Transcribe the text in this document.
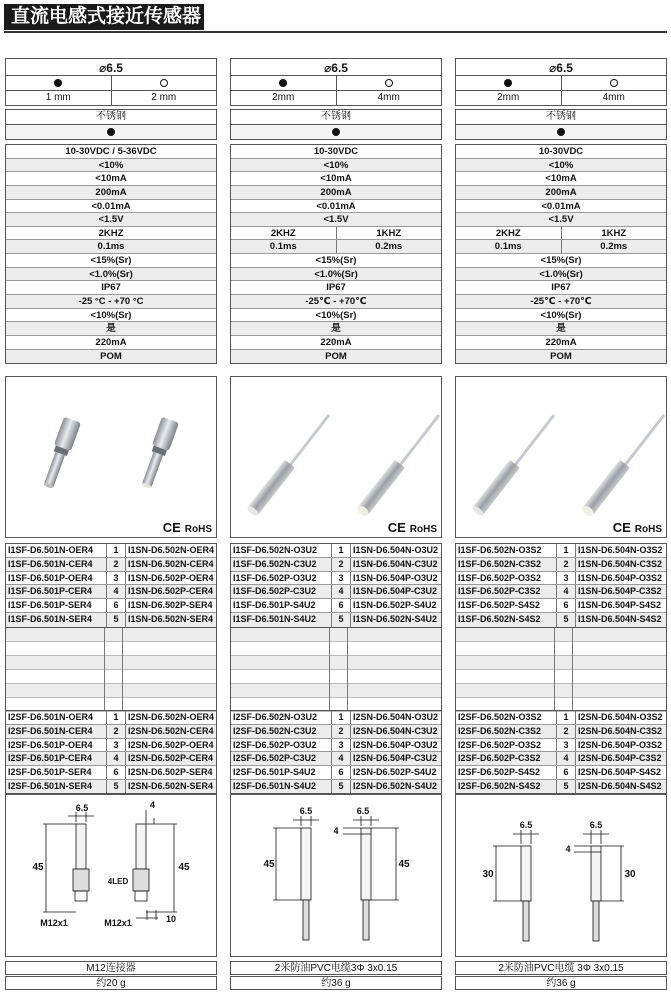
直流电感式接近传感器
⌀6.5
1 mm	2 mm
不锈钢
10-30VDC / 5-36VDC
<10%
<10mA
200mA
<0.01mA
<1.5V
2KHZ
0.1ms
<15%(Sr)
<1.0%(Sr)
IP67
-25 °C - +70 °C
<10%(Sr)
是
220mA
POM
CE RoHS
I1SF-D6.501N-OER4	1	I1SN-D6.502N-OER4
I1SF-D6.501N-CER4	2	I1SN-D6.502N-CER4
I1SF-D6.501P-OER4	3	I1SN-D6.502P-OER4
I1SF-D6.501P-CER4	4	I1SN-D6.502P-CER4
I1SF-D6.501P-SER4	6	I1SN-D6.502P-SER4
I1SF-D6.501N-SER4	5	I1SN-D6.502N-SER4
I2SF-D6.501N-OER4	1	I2SN-D6.502N-OER4
I2SF-D6.501N-CER4	2	I2SN-D6.502N-CER4
I2SF-D6.501P-OER4	3	I2SN-D6.502P-OER4
I2SF-D6.501P-CER4	4	I2SN-D6.502P-CER4
I2SF-D6.501P-SER4	6	I2SN-D6.502P-SER4
I2SF-D6.501N-SER4	5	I2SN-D6.502N-SER4
6.5
45	45
M12x1	M12x1
4LED
4
10
M12连接器
约20 g
⌀6.5
2mm	4mm
不锈钢
10-30VDC
<10%
<10mA
200mA
<0.01mA
<1.5V
2KHZ	1KHZ
0.1ms	0.2ms
<15%(Sr)
<1.0%(Sr)
IP67
-25℃ - +70℃
<10%(Sr)
是
220mA
POM
CE RoHS
I1SF-D6.502N-O3U2	1	I1SN-D6.504N-O3U2
I1SF-D6.502N-C3U2	2	I1SN-D6.504N-C3U2
I1SF-D6.502P-O3U2	3	I1SN-D6.504P-O3U2
I1SF-D6.502P-C3U2	4	I1SN-D6.504P-C3U2
I1SF-D6.501P-S4U2	6	I1SN-D6.502P-S4U2
I1SF-D6.501N-S4U2	5	I1SN-D6.502N-S4U2
I2SF-D6.502N-O3U2	1	I2SN-D6.504N-O3U2
I2SF-D6.502N-C3U2	2	I2SN-D6.504N-C3U2
I2SF-D6.502P-O3U2	3	I2SN-D6.504P-O3U2
I2SF-D6.502P-C3U2	4	I2SN-D6.504P-C3U2
I2SF-D6.501P-S4U2	6	I2SN-D6.502P-S4U2
I2SF-D6.501N-S4U2	5	I2SN-D6.502N-S4U2
6.5	6.5
45	45
4
2米防油PVC电缆3Φ 3x0.15
约36 g
⌀6.5
2mm	4mm
不锈钢
10-30VDC
<10%
<10mA
200mA
<0.01mA
<1.5V
2KHZ	1KHZ
0.1ms	0.2ms
<15%(Sr)
<1.0%(Sr)
IP67
-25℃ - +70℃
<10%(Sr)
是
220mA
POM
CE RoHS
I1SF-D6.502N-O3S2	1	I1SN-D6.504N-O3S2
I1SF-D6.502N-C3S2	2	I1SN-D6.504N-C3S2
I1SF-D6.502P-O3S2	3	I1SN-D6.504P-O3S2
I1SF-D6.502P-C3S2	4	I1SN-D6.504P-C3S2
I1SF-D6.502P-S4S2	6	I1SN-D6.504P-S4S2
I1SF-D6.502N-S4S2	5	I1SN-D6.504N-S4S2
I2SF-D6.502N-O3S2	1	I2SN-D6.504N-O3S2
I2SF-D6.502N-C3S2	2	I2SN-D6.504N-C3S2
I2SF-D6.502P-O3S2	3	I2SN-D6.504P-O3S2
I2SF-D6.502P-C3S2	4	I2SN-D6.504P-C3S2
I2SF-D6.502P-S4S2	6	I2SN-D6.504P-S4S2
I2SF-D6.502N-S4S2	5	I2SN-D6.504N-S4S2
6.5	6.5
30	30
4
2米防油PVC电缆 3Φ 3x0.15
约36 g
